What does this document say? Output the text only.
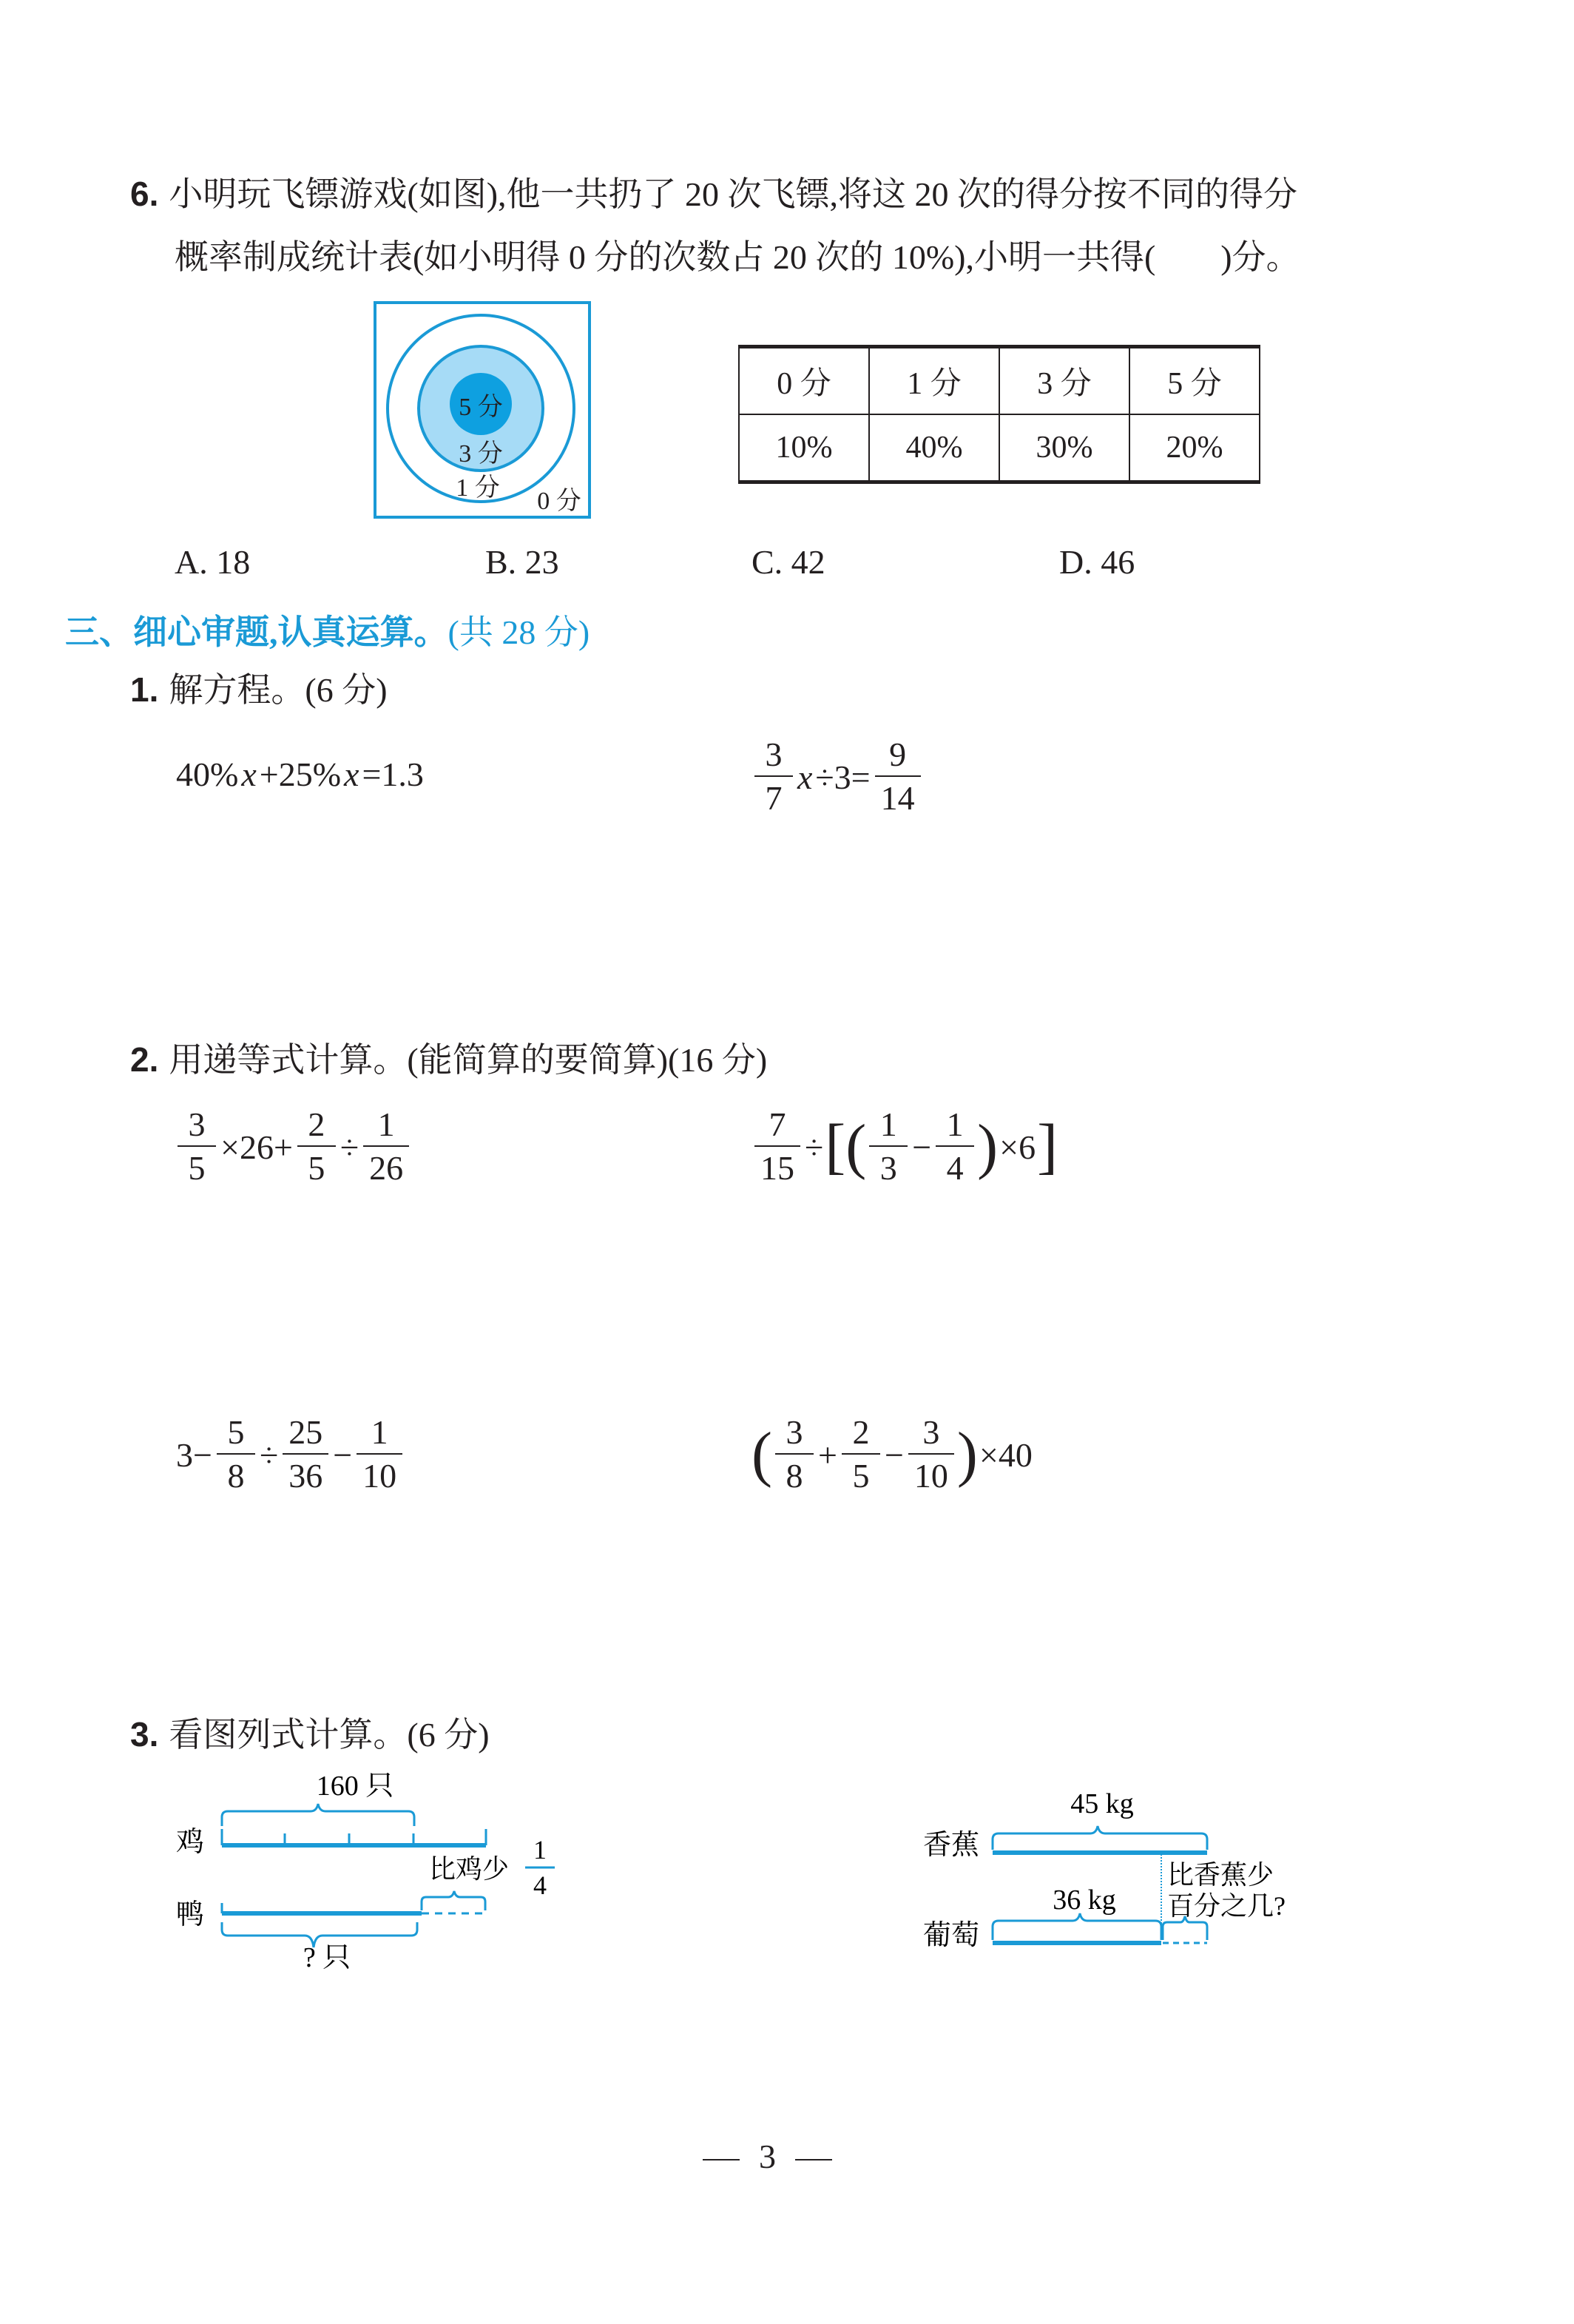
6. 小明玩飞镖游戏(如图),他一共扔了 20 次飞镖,将这 20 次的得分按不同的得分
概率制成统计表(如小明得 0 分的次数占 20 次的 10%),小明一共得( )分。
5 分
3 分
1 分 0 分
0 分	1 分	3 分	5 分
10%	40%	30%	20%
A. 18	B. 23	C. 42	D. 46
三、细心审题,认真运算。(共 28 分)
1. 解方程。(6 分)
40% x +25% x =1.3	$\frac{3}{7}$ $x \div 3= \frac{9}{14}$
2. 用递等式计算。(能简算的要简算)(16 分)
$\frac{3}{5} \times 26+ \frac{2}{5} \div \frac{1}{26}$	$\frac{7}{15}$ ÷ [ ( $\frac{1}{3} - \frac{1}{4}$ ) ×6 ]
$3- \frac{5}{8} \div \frac{25}{36} - \frac{1}{10}$	( $\frac{3}{8} + \frac{2}{5} - \frac{3}{10}$ ) ×40
3. 看图列式计算。(6 分)
160 只
鸡
鸭
比鸡少
1
4
? 只
45 kg
香蕉
比香蕉少
百分之几?
36 kg
葡萄
3
